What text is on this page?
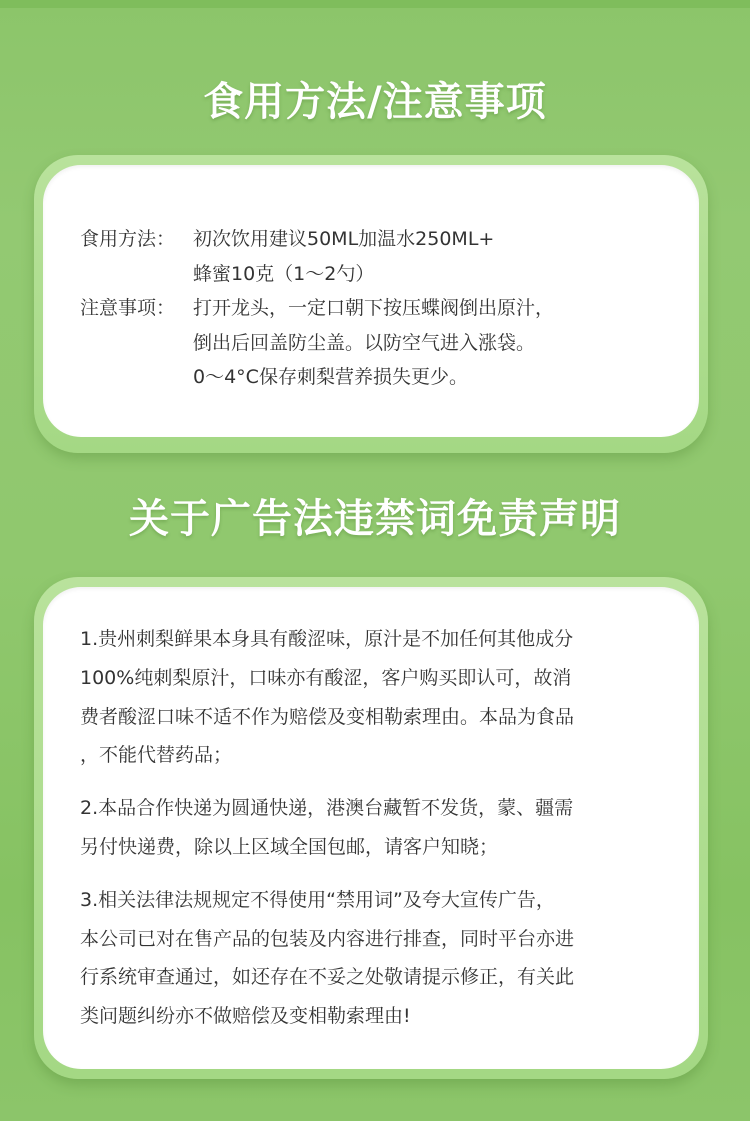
食用方法/注意事项
食用方法： 初次饮用建议50ML加温水250ML+
蜂蜜10克（1～2勺）
注意事项： 打开龙头，一定口朝下按压蝶阀倒出原汁，
倒出后回盖防尘盖。以防空气进入涨袋。
0～4°C保存刺梨营养损失更少。
关于广告法违禁词免责声明
1.贵州刺梨鲜果本身具有酸涩味，原汁是不加任何其他成分
100%纯刺梨原汁，口味亦有酸涩，客户购买即认可，故消
费者酸涩口味不适不作为赔偿及变相勒索理由。本品为食品
，不能代替药品；
2.本品合作快递为圆通快递，港澳台藏暂不发货，蒙、疆需
另付快递费，除以上区域全国包邮，请客户知晓；
3.相关法律法规规定不得使用“禁用词”及夸大宣传广告，
本公司已对在售产品的包装及内容进行排查，同时平台亦进
行系统审查通过，如还存在不妥之处敬请提示修正，有关此
类问题纠纷亦不做赔偿及变相勒索理由!
